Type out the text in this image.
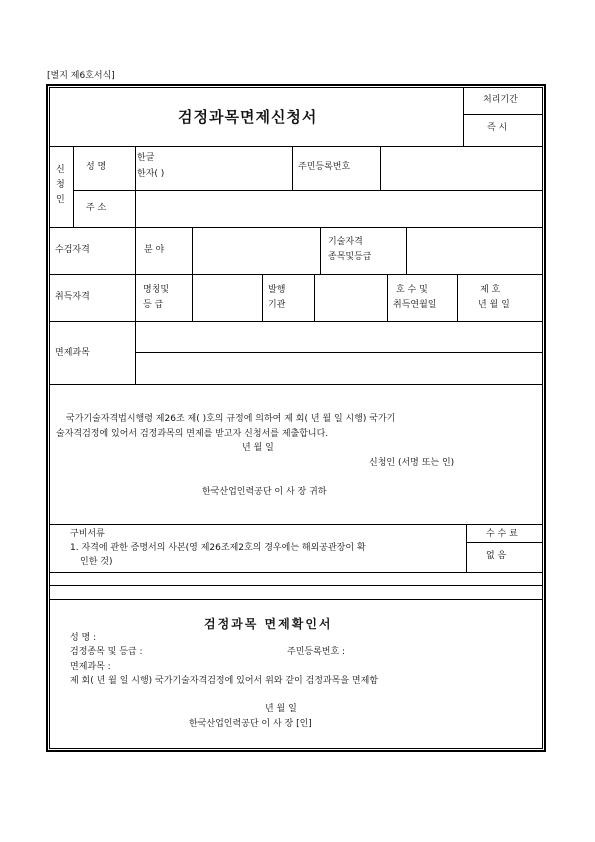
[별지 제6호서식]
검정과목면제신청서
처리기간
즉 시
신
청
인
성 명
한글
한자( )
주민등록번호
주 소
수검자격	분 야
기술자격
종목및등급
취득자격
명칭및
등 급
발행
기관
호 수 및
취득연월일
제 호
년 월 일
면제과목
국가기술자격법시행령 제26조 제( )호의 규정에 의하여 제 회( 년 월 일 시행) 국가기
술자격검정에 있어서 검정과목의 면제를 받고자 신청서를 제출합니다.
년 월 일
신청인 (서명 또는 인)
한국산업인력공단 이 사 장 귀하
구비서류
1. 자격에 관한 증명서의 사본(영 제26조제2호의 경우에는 해외공관장이 확
인한 것)
수 수 료
없 음
검정과목 면제확인서
성 명 :
검정종목 및 등급 :	주민등록번호 :
면제과목 :
제 회( 년 월 일 시행) 국가기술자격검정에 있어서 위와 같이 검정과목을 면제함
년 월 일
한국산업인력공단 이 사 장 [인]
